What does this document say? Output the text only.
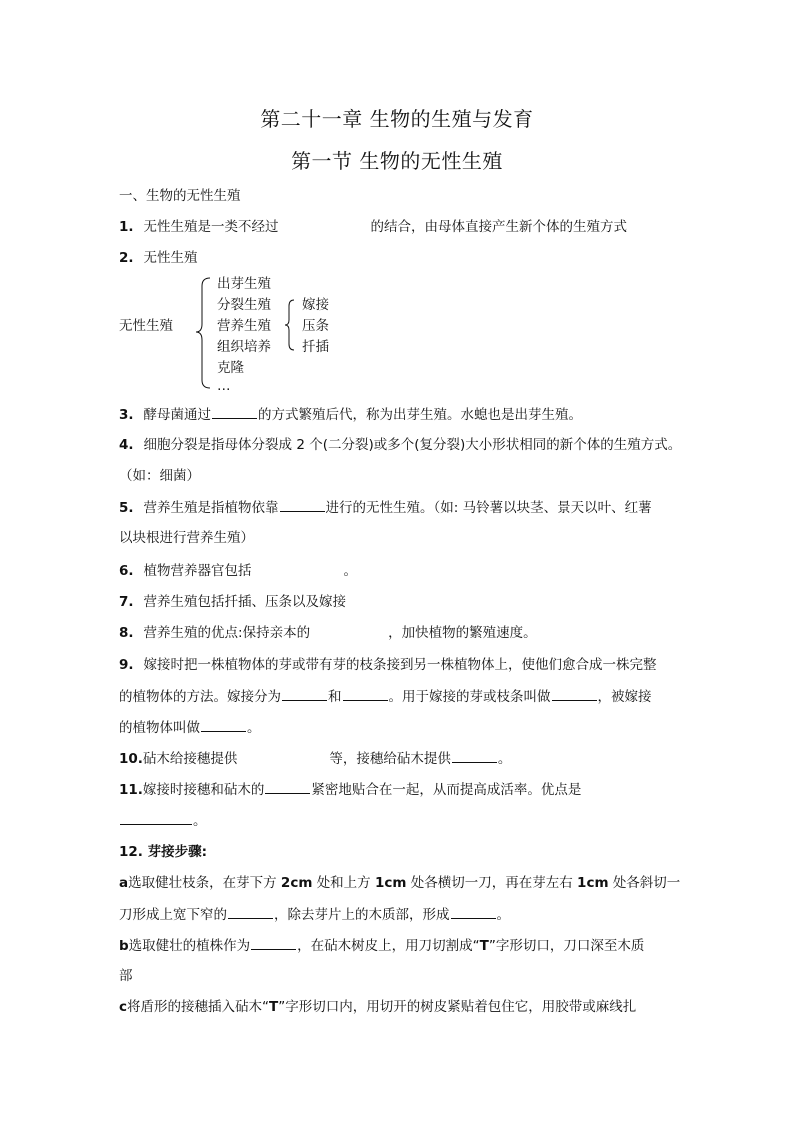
第二十一章 生物的生殖与发育
第一节 生物的无性生殖
一、生物的无性生殖
1. 无性生殖是一类不经过	的结合，由母体直接产生新个体的生殖方式
2. 无性生殖
无性生殖
出芽生殖
分裂生殖
营养生殖
组织培养
克隆
…
嫁接
压条
扦插
3. 酵母菌通过	的方式繁殖后代，称为出芽生殖。水螅也是出芽生殖。
4. 细胞分裂是指母体分裂成 2 个(二分裂)或多个(复分裂)大小形状相同的新个体的生殖方式。
（如：细菌）
5. 营养生殖是指植物依靠	进行的无性生殖。（如: 马铃薯以块茎、景天以叶、红薯
以块根进行营养生殖）
6. 植物营养器官包括	。
7. 营养生殖包括扦插、压条以及嫁接
8. 营养生殖的优点:保持亲本的	，加快植物的繁殖速度。
9. 嫁接时把一株植物体的芽或带有芽的枝条接到另一株植物体上，使他们愈合成一株完整
的植物体的方法。嫁接分为	和	。用于嫁接的芽或枝条叫做	，被嫁接
的植物体叫做	。
10.砧木给接穗提供	等，接穗给砧木提供	。
11.嫁接时接穗和砧木的	紧密地贴合在一起，从而提高成活率。优点是
。
12. 芽接步骤:
a选取健壮枝条，在芽下方 2cm 处和上方 1cm 处各横切一刀，再在芽左右 1cm 处各斜切一
刀形成上宽下窄的	，除去芽片上的木质部，形成	。
b选取健壮的植株作为	，在砧木树皮上，用刀切割成“T”字形切口，刀口深至木质
部
c将盾形的接穗插入砧木“T”字形切口内，用切开的树皮紧贴着包住它，用胶带或麻线扎
